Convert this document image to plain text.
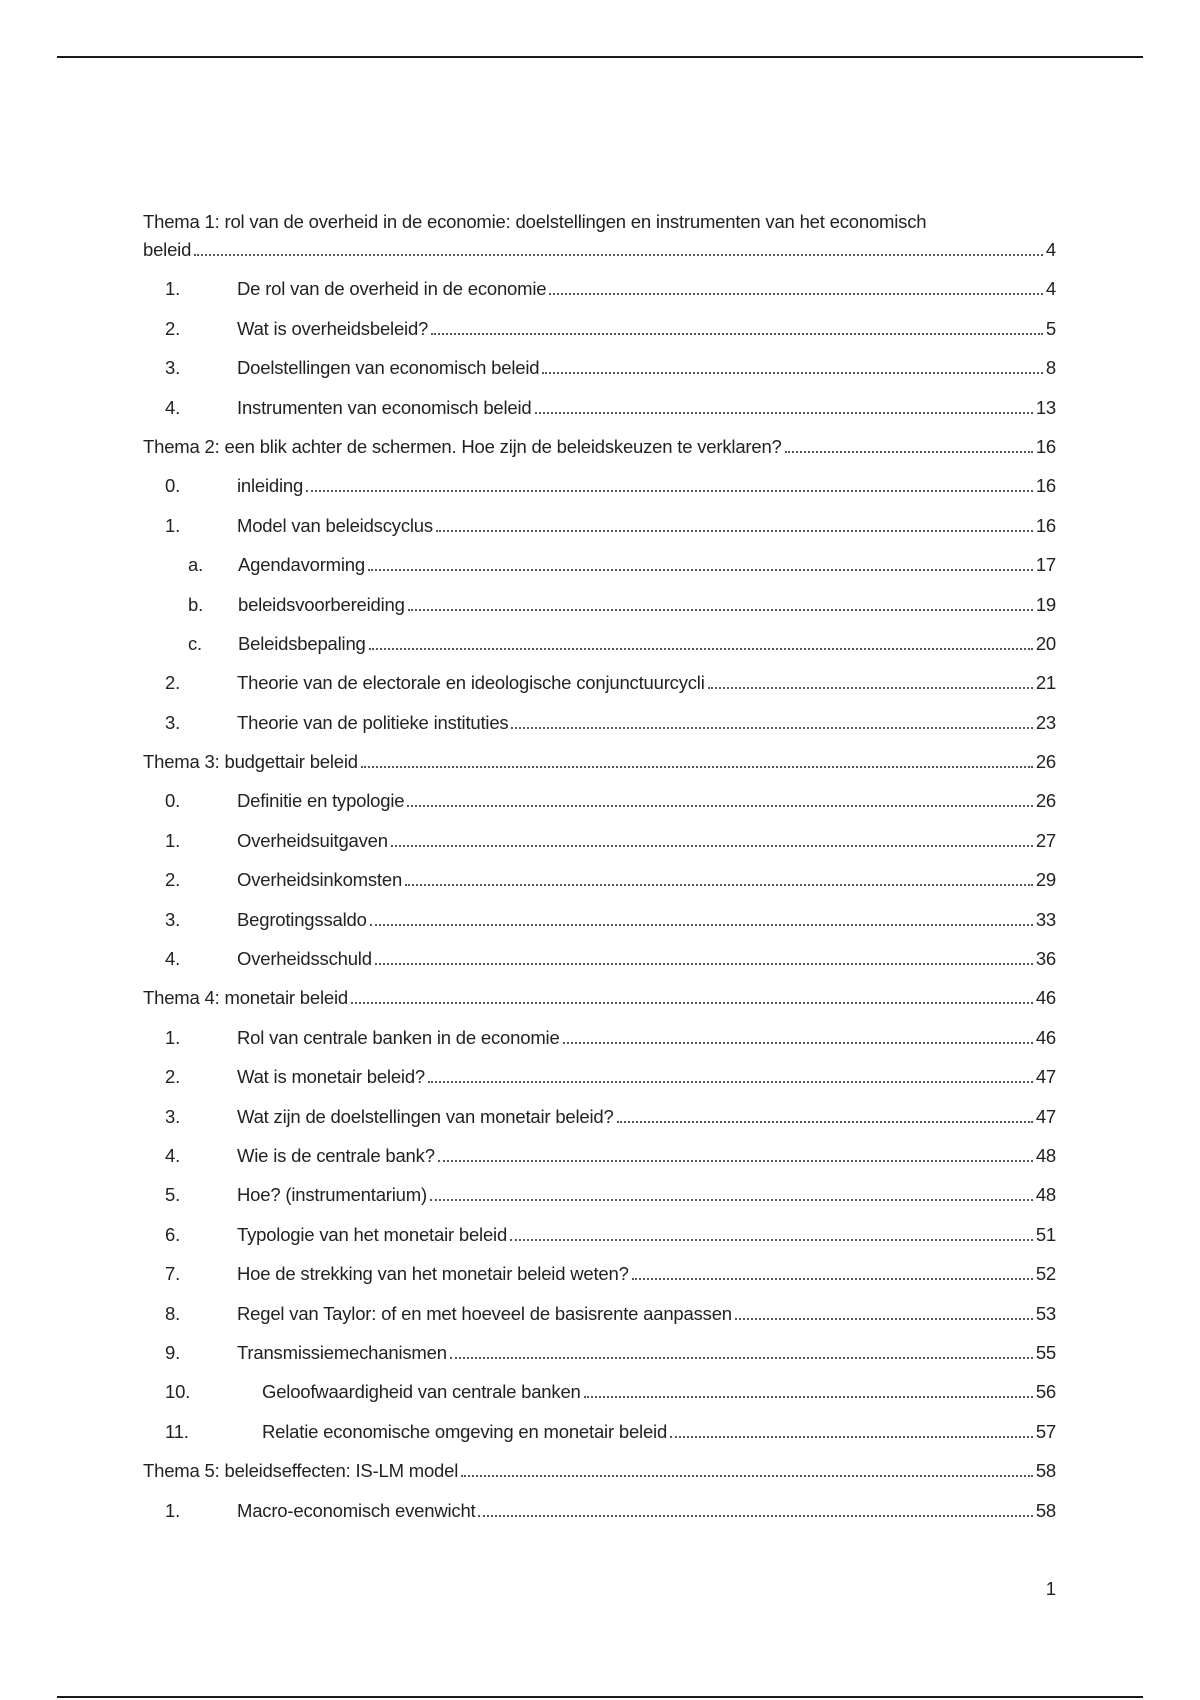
Thema 1: rol van de overheid in de economie: doelstellingen en instrumenten van het economisch
beleid	4
1.	De rol van de overheid in de economie	4
2.	Wat is overheidsbeleid?	5
3.	Doelstellingen van economisch beleid	8
4.	Instrumenten van economisch beleid	13
Thema 2: een blik achter de schermen. Hoe zijn de beleidskeuzen te verklaren?	16
0.	inleiding	16
1.	Model van beleidscyclus	16
a.	Agendavorming	17
b.	beleidsvoorbereiding	19
c.	Beleidsbepaling	20
2.	Theorie van de electorale en ideologische conjunctuurcycli	21
3.	Theorie van de politieke instituties	23
Thema 3: budgettair beleid	26
0.	Definitie en typologie	26
1.	Overheidsuitgaven	27
2.	Overheidsinkomsten	29
3.	Begrotingssaldo	33
4.	Overheidsschuld	36
Thema 4: monetair beleid	46
1.	Rol van centrale banken in de economie	46
2.	Wat is monetair beleid?	47
3.	Wat zijn de doelstellingen van monetair beleid?	47
4.	Wie is de centrale bank?	48
5.	Hoe? (instrumentarium)	48
6.	Typologie van het monetair beleid	51
7.	Hoe de strekking van het monetair beleid weten?	52
8.	Regel van Taylor: of en met hoeveel de basisrente aanpassen	53
9.	Transmissiemechanismen	55
10.	Geloofwaardigheid van centrale banken	56
11.	Relatie economische omgeving en monetair beleid	57
Thema 5: beleidseffecten: IS-LM model	58
1.	Macro-economisch evenwicht	58
1
